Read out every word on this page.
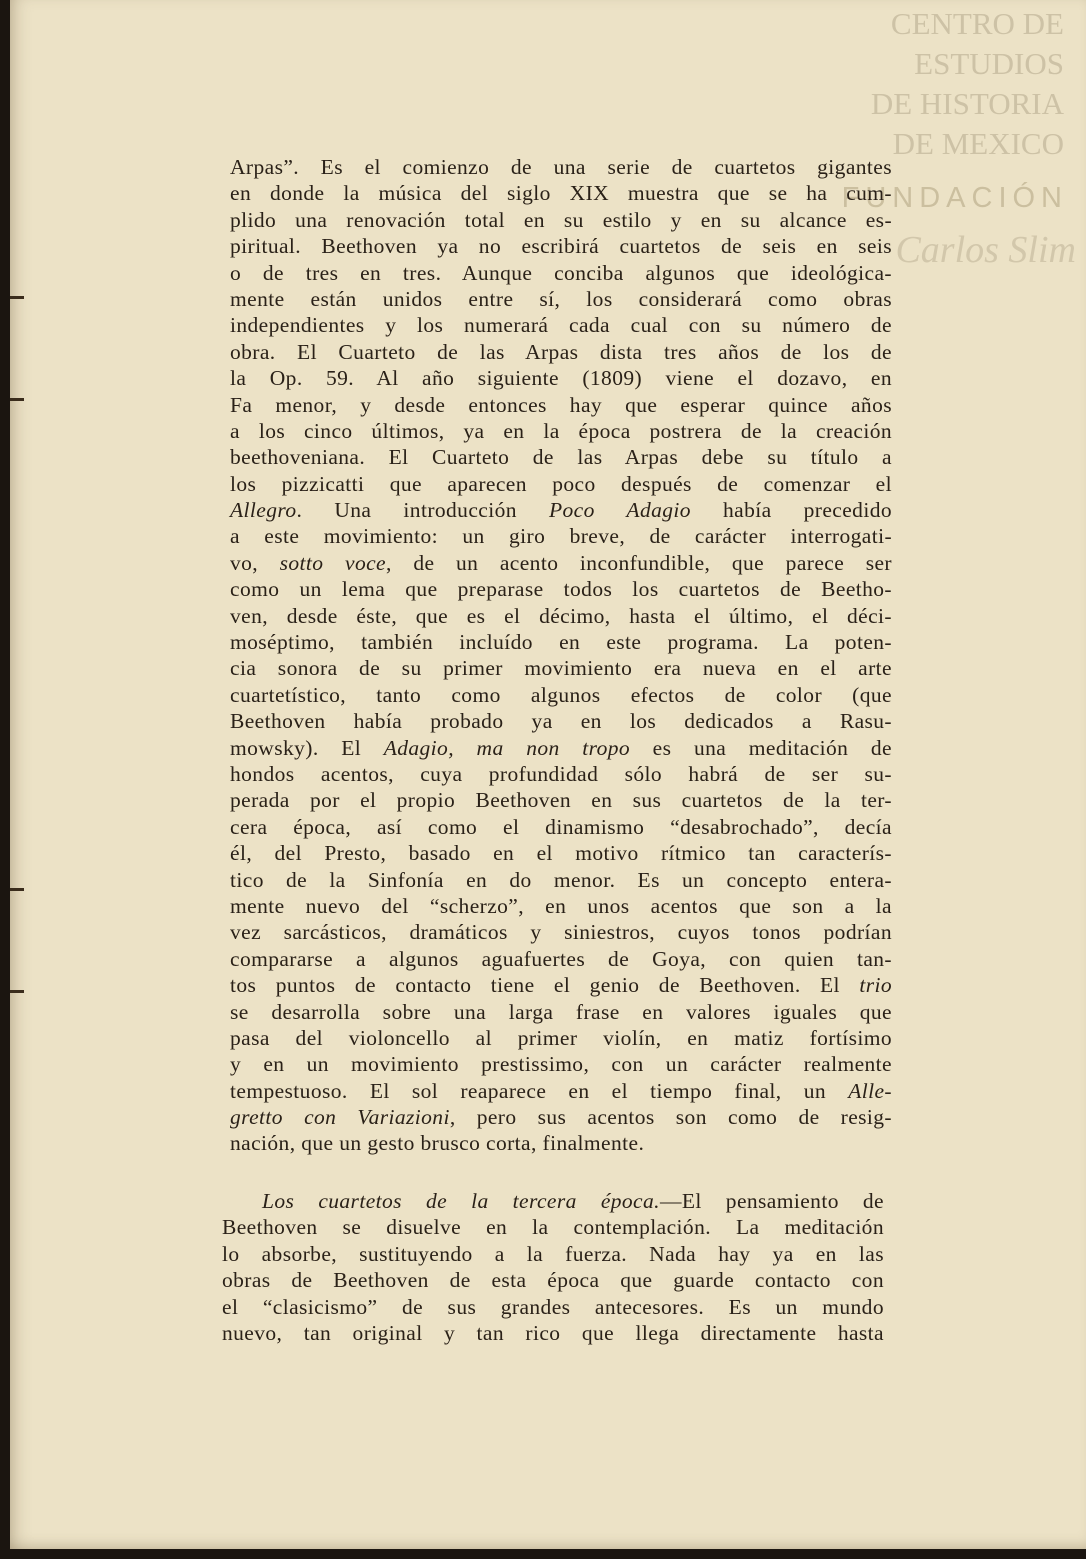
CENTRO DE
ESTUDIOS
DE HISTORIA
DE MEXICO
FUNDACIÓN
Carlos Slim
Arpas”. Es el comienzo de una serie de cuartetos gigantes
en donde la música del siglo XIX muestra que se ha cum-
plido una renovación total en su estilo y en su alcance es-
piritual. Beethoven ya no escribirá cuartetos de seis en seis
o de tres en tres. Aunque conciba algunos que ideológica-
mente están unidos entre sí, los considerará como obras
independientes y los numerará cada cual con su número de
obra. El Cuarteto de las Arpas dista tres años de los de
la Op. 59. Al año siguiente (1809) viene el dozavo, en
Fa menor, y desde entonces hay que esperar quince años
a los cinco últimos, ya en la época postrera de la creación
beethoveniana. El Cuarteto de las Arpas debe su título a
los pizzicatti que aparecen poco después de comenzar el
Allegro. Una introducción Poco Adagio había precedido
a este movimiento: un giro breve, de carácter interrogati-
vo, sotto voce, de un acento inconfundible, que parece ser
como un lema que preparase todos los cuartetos de Beetho-
ven, desde éste, que es el décimo, hasta el último, el déci-
moséptimo, también incluído en este programa. La poten-
cia sonora de su primer movimiento era nueva en el arte
cuartetístico, tanto como algunos efectos de color (que
Beethoven había probado ya en los dedicados a Rasu-
mowsky). El Adagio, ma non tropo es una meditación de
hondos acentos, cuya profundidad sólo habrá de ser su-
perada por el propio Beethoven en sus cuartetos de la ter-
cera época, así como el dinamismo “desabrochado”, decía
él, del Presto, basado en el motivo rítmico tan caracterís-
tico de la Sinfonía en do menor. Es un concepto entera-
mente nuevo del “scherzo”, en unos acentos que son a la
vez sarcásticos, dramáticos y siniestros, cuyos tonos podrían
compararse a algunos aguafuertes de Goya, con quien tan-
tos puntos de contacto tiene el genio de Beethoven. El trio
se desarrolla sobre una larga frase en valores iguales que
pasa del violoncello al primer violín, en matiz fortísimo
y en un movimiento prestissimo, con un carácter realmente
tempestuoso. El sol reaparece en el tiempo final, un Alle-
gretto con Variazioni, pero sus acentos son como de resig-
nación, que un gesto brusco corta, finalmente.
Los cuartetos de la tercera época.—El pensamiento de
Beethoven se disuelve en la contemplación. La meditación
lo absorbe, sustituyendo a la fuerza. Nada hay ya en las
obras de Beethoven de esta época que guarde contacto con
el “clasicismo” de sus grandes antecesores. Es un mundo
nuevo, tan original y tan rico que llega directamente hasta
